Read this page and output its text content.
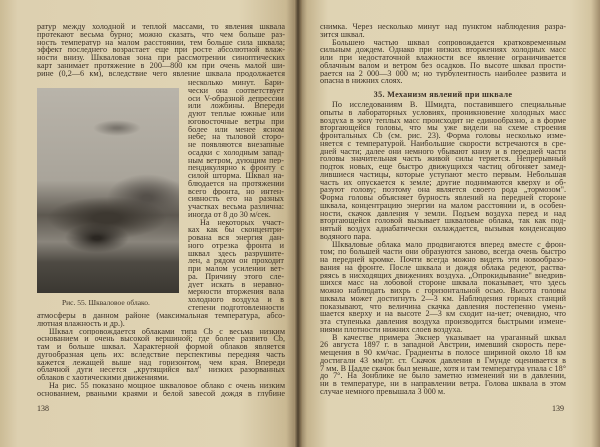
ратур между холодной и теплой массами, то явления шквала
протекают весьма бурно; можно сказать, что чем больше раз-
ность температур на малом расстоянии, тем больше сила шквала;
эффект последнего возрастает еще при росте абсолютной влаж-
ности внизу. Шкваловая зона при рассмотрении синоптических
карт занимает протяжение в 200—800 км при очень малой ши-
рине (0,2—6 км), вследствие чего явление шквала продолжается
несколько минут. Бари-
чески она соответствует
оси V-образной депрессии
или ложбины. Впереди
дуют теплые южные или
юговосточные ветры при
более или менее ясном
небе; на тыловой сторо-
не появляются внезапные
осадки с холодным запад-
ным ветром, дующим пер-
пендикулярно к фронту с
силой шторма. Шквал на-
блюдается на протяжении
всего фронта, но интен-
сивность его на разных
участках весьма различна:
иногда от 8 до 30 м/сек.
На некоторых участ-
ках как бы сконцентри-
рована вся энергия дан-
ного отрезка фронта и
шквал здесь разрушите-
лен, а рядом он проходит
при малом усилении вет-
ра. Причину этого сле-
дует искать в неравно-
мерности вторжения вала
холодного воздуха и в
степени подготовленности
Рис. 55. Шкваловое облако.
атмосферы в данном районе (максимальная температура, абсо-
лютная влажность и др.).
Шквал сопровождается облаками типа Cb с весьма низким
основанием и очень высокой вершиной; где более развито Cb,
там и больше шквал. Характерной формой облаков является
дугообразная цепь их: вследствие перспективы передняя часть
кажется лежащей выше над горизонтом, чем края. Впереди
облачной дуги несется „крутящийся вал" низких разорванных
облаков с хаотическими движениями.
На рис. 55 показано мощное шкваловое облако с очень низким
основанием, рваными краями и белой завесой дождя в глубине
138
снимка. Через несколько минут над пунктом наблюдения разра-
зится шквал.
Большею частью шквал сопровождается кратковременным
сильным дождем. Однако при низких вторжениях холодных масс
или при недостаточной влажности все явление ограничивается
облачным валом и ветром без осадков. По высоте шквал прости-
рается на 2 000—3 000 м; но турбулентность наиболее развита и
опасна в нижних слоях.
35. Механизм явлений при шквале
По исследованиям В. Шмидта, поставившего специальные
опыты в лабораторных условиях, проникновение холодных масс
воздуха в зону теплых масс происходит не единообразно, а в форме
вторгающейся головы, что мы уже видели на схеме строения
фронтальных Cb (см. рис. 23). Форма головы несколько изме-
няется с температурой. Наибольшие скорости встречаются в сре-
дней части; далее они немного убывают книзу и в передней части
головы значительная часть живой силы теряется. Непрерывный
подток новых, еще быстро движущихся частиц обгоняет замед-
лившиеся частицы, которые уступают место первым. Небольшая
часть их опускается к земле; другие поднимаются кверху и об-
разуют голову; поэтому она является своего рода „тормозом".
Форма головы объясняет бурность явлений на передней стороне
шквала, концентрацию энергии на малом расстоянии и, в особен-
ности, скачок давления у земли. Подъем воздуха перед и над
вторгающейся головой вызывает шкваловые облака, так как под-
нятый воздух адиабатически охлаждается, вызывая конденсацию
водяного пара.
Шкваловые облака мало продвигаются вперед вместе с фрон-
том; по большей части они образуются заново, всегда очень быстро
на передней кромке. Почти всегда можно видеть эти новообразо-
вания на фронте. После шквала и дождя облака редеют, раства-
ряясь в нисходящих движениях воздуха. „Опрокидывание" внедрив-
шихся масс на лобовой стороне шквала показывает, что здесь
можно наблюдать вихрь с горизонтальной осью. Высота головы
шквала может достигнуть 2—3 км. Наблюдения горных станций
показывают, что величина скачка давления постепенно умень-
шается кверху и на высоте 2—3 км сходит на-нет; очевидно, что
эта ступенька давления воздуха производится быстрыми измене-
ниями плотности нижних слоев воздуха.
В качестве примера Экснер указывает на ураганный шквал
26 августа 1897 г. в западной Австрии, имевший скорость пере-
мещения в 90 км/час. Градиенты в полосе шириной около 18 км
достигали 43 мм/рт. ст. Скачок давления в Гмунде оценивается в
7 мм. В Цадле скачок был меньше, хотя и там температура упала с 18°
до 7°. На Зонблике не было заметно изменений ни в давлении,
ни в температуре, ни в направлении ветра. Голова шквала в этом
случае немного превышала 3 000 м.
139
